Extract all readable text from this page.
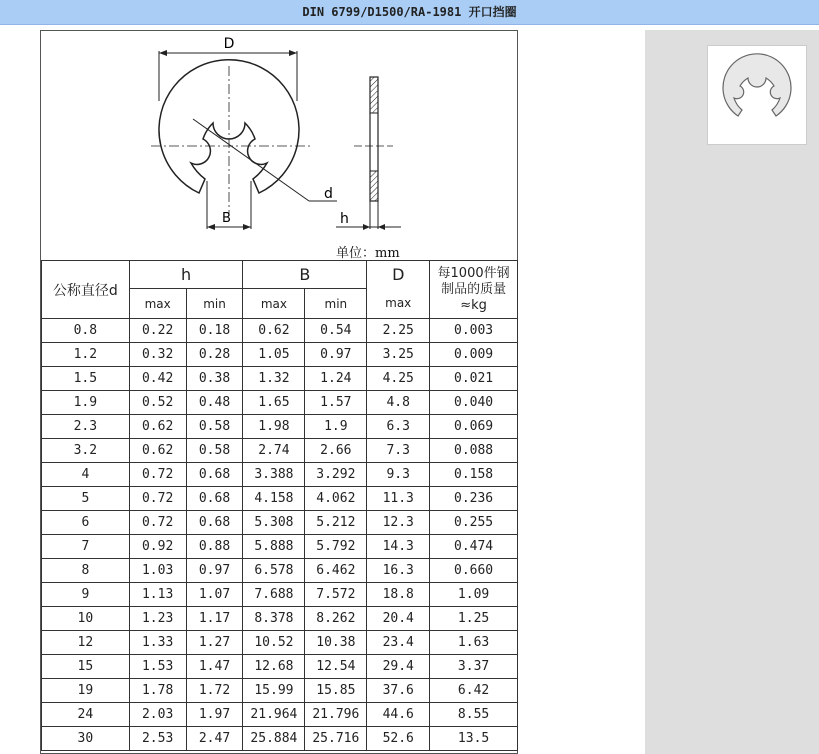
DIN 6799/D1500/RA-1981 开口挡圈
D
d
B	h
单位：mm
公称直径d	h		B		D	每1000件钢
制品的质量
≈kg
	max	min	max	min	max	
0.8	0.22	0.18	0.62	0.54	2.25	0.003
1.2	0.32	0.28	1.05	0.97	3.25	0.009
1.5	0.42	0.38	1.32	1.24	4.25	0.021
1.9	0.52	0.48	1.65	1.57	4.8	0.040
2.3	0.62	0.58	1.98	1.9	6.3	0.069
3.2	0.62	0.58	2.74	2.66	7.3	0.088
4	0.72	0.68	3.388	3.292	9.3	0.158
5	0.72	0.68	4.158	4.062	11.3	0.236
6	0.72	0.68	5.308	5.212	12.3	0.255
7	0.92	0.88	5.888	5.792	14.3	0.474
8	1.03	0.97	6.578	6.462	16.3	0.660
9	1.13	1.07	7.688	7.572	18.8	1.09
10	1.23	1.17	8.378	8.262	20.4	1.25
12	1.33	1.27	10.52	10.38	23.4	1.63
15	1.53	1.47	12.68	12.54	29.4	3.37
19	1.78	1.72	15.99	15.85	37.6	6.42
24	2.03	1.97	21.964	21.796	44.6	8.55
30	2.53	2.47	25.884	25.716	52.6	13.5
